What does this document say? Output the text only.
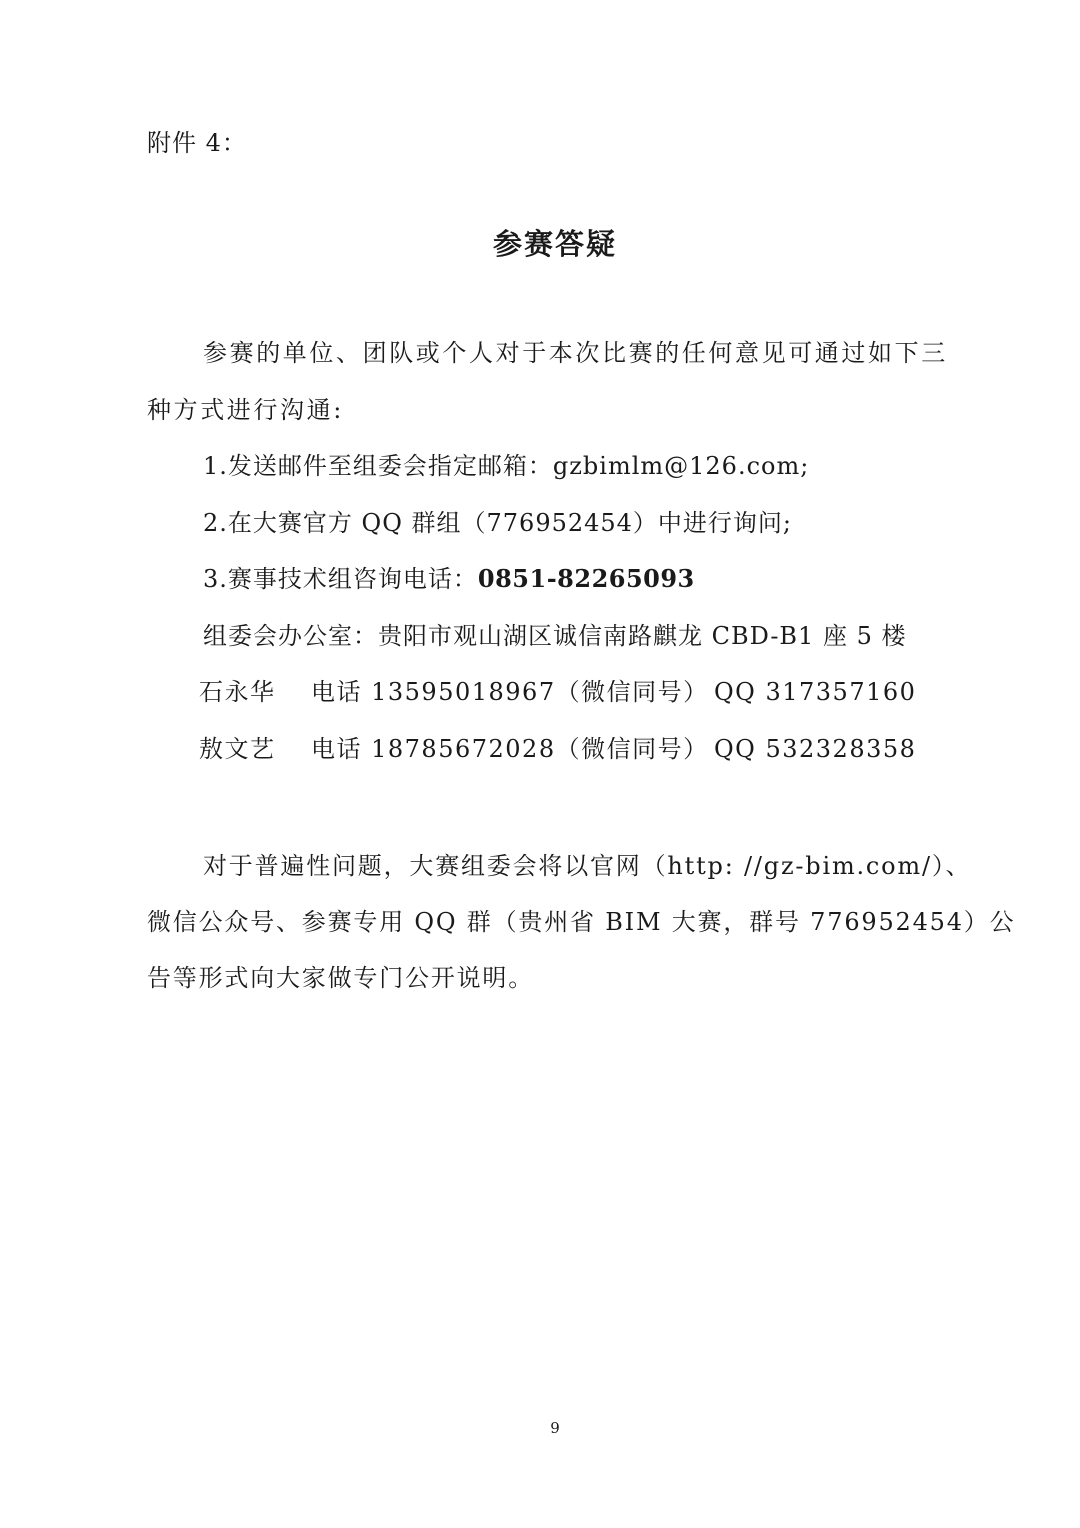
附件 4：
参赛答疑
参赛的单位、团队或个人对于本次比赛的任何意见可通过如下三
种方式进行沟通:
1.发送邮件至组委会指定邮箱：gzbimlm@126.com;
2.在大赛官方 QQ 群组（776952454）中进行询问;
3.赛事技术组咨询电话：0851-82265093
组委会办公室：贵阳市观山湖区诚信南路麒龙 CBD-B1 座 5 楼
石永华 电话 13595018967（微信同号） QQ 317357160
敖文艺 电话 18785672028（微信同号） QQ 532328358
对于普遍性问题，大赛组委会将以官网（http: //gz-bim.com/）、
微信公众号、参赛专用 QQ 群（贵州省 BIM 大赛，群号 776952454）公
告等形式向大家做专门公开说明。
9
